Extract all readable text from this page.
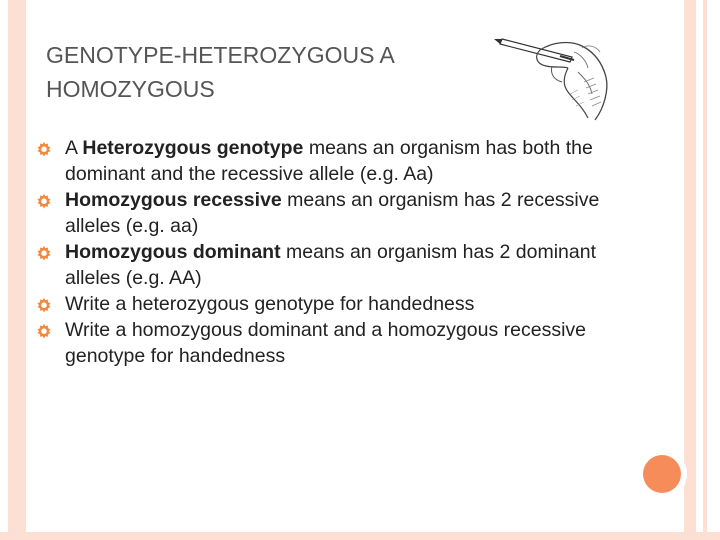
GENOTYPE-HETEROZYGOUS A
HOMOZYGOUS
A Heterozygous genotype means an organism has both the dominant and the recessive allele (e.g. Aa)
Homozygous recessive means an organism has 2 recessive alleles (e.g. aa)
Homozygous dominant means an organism has 2 dominant alleles (e.g. AA)
Write a heterozygous genotype for handedness
Write a homozygous dominant and a homozygous recessive genotype for handedness
